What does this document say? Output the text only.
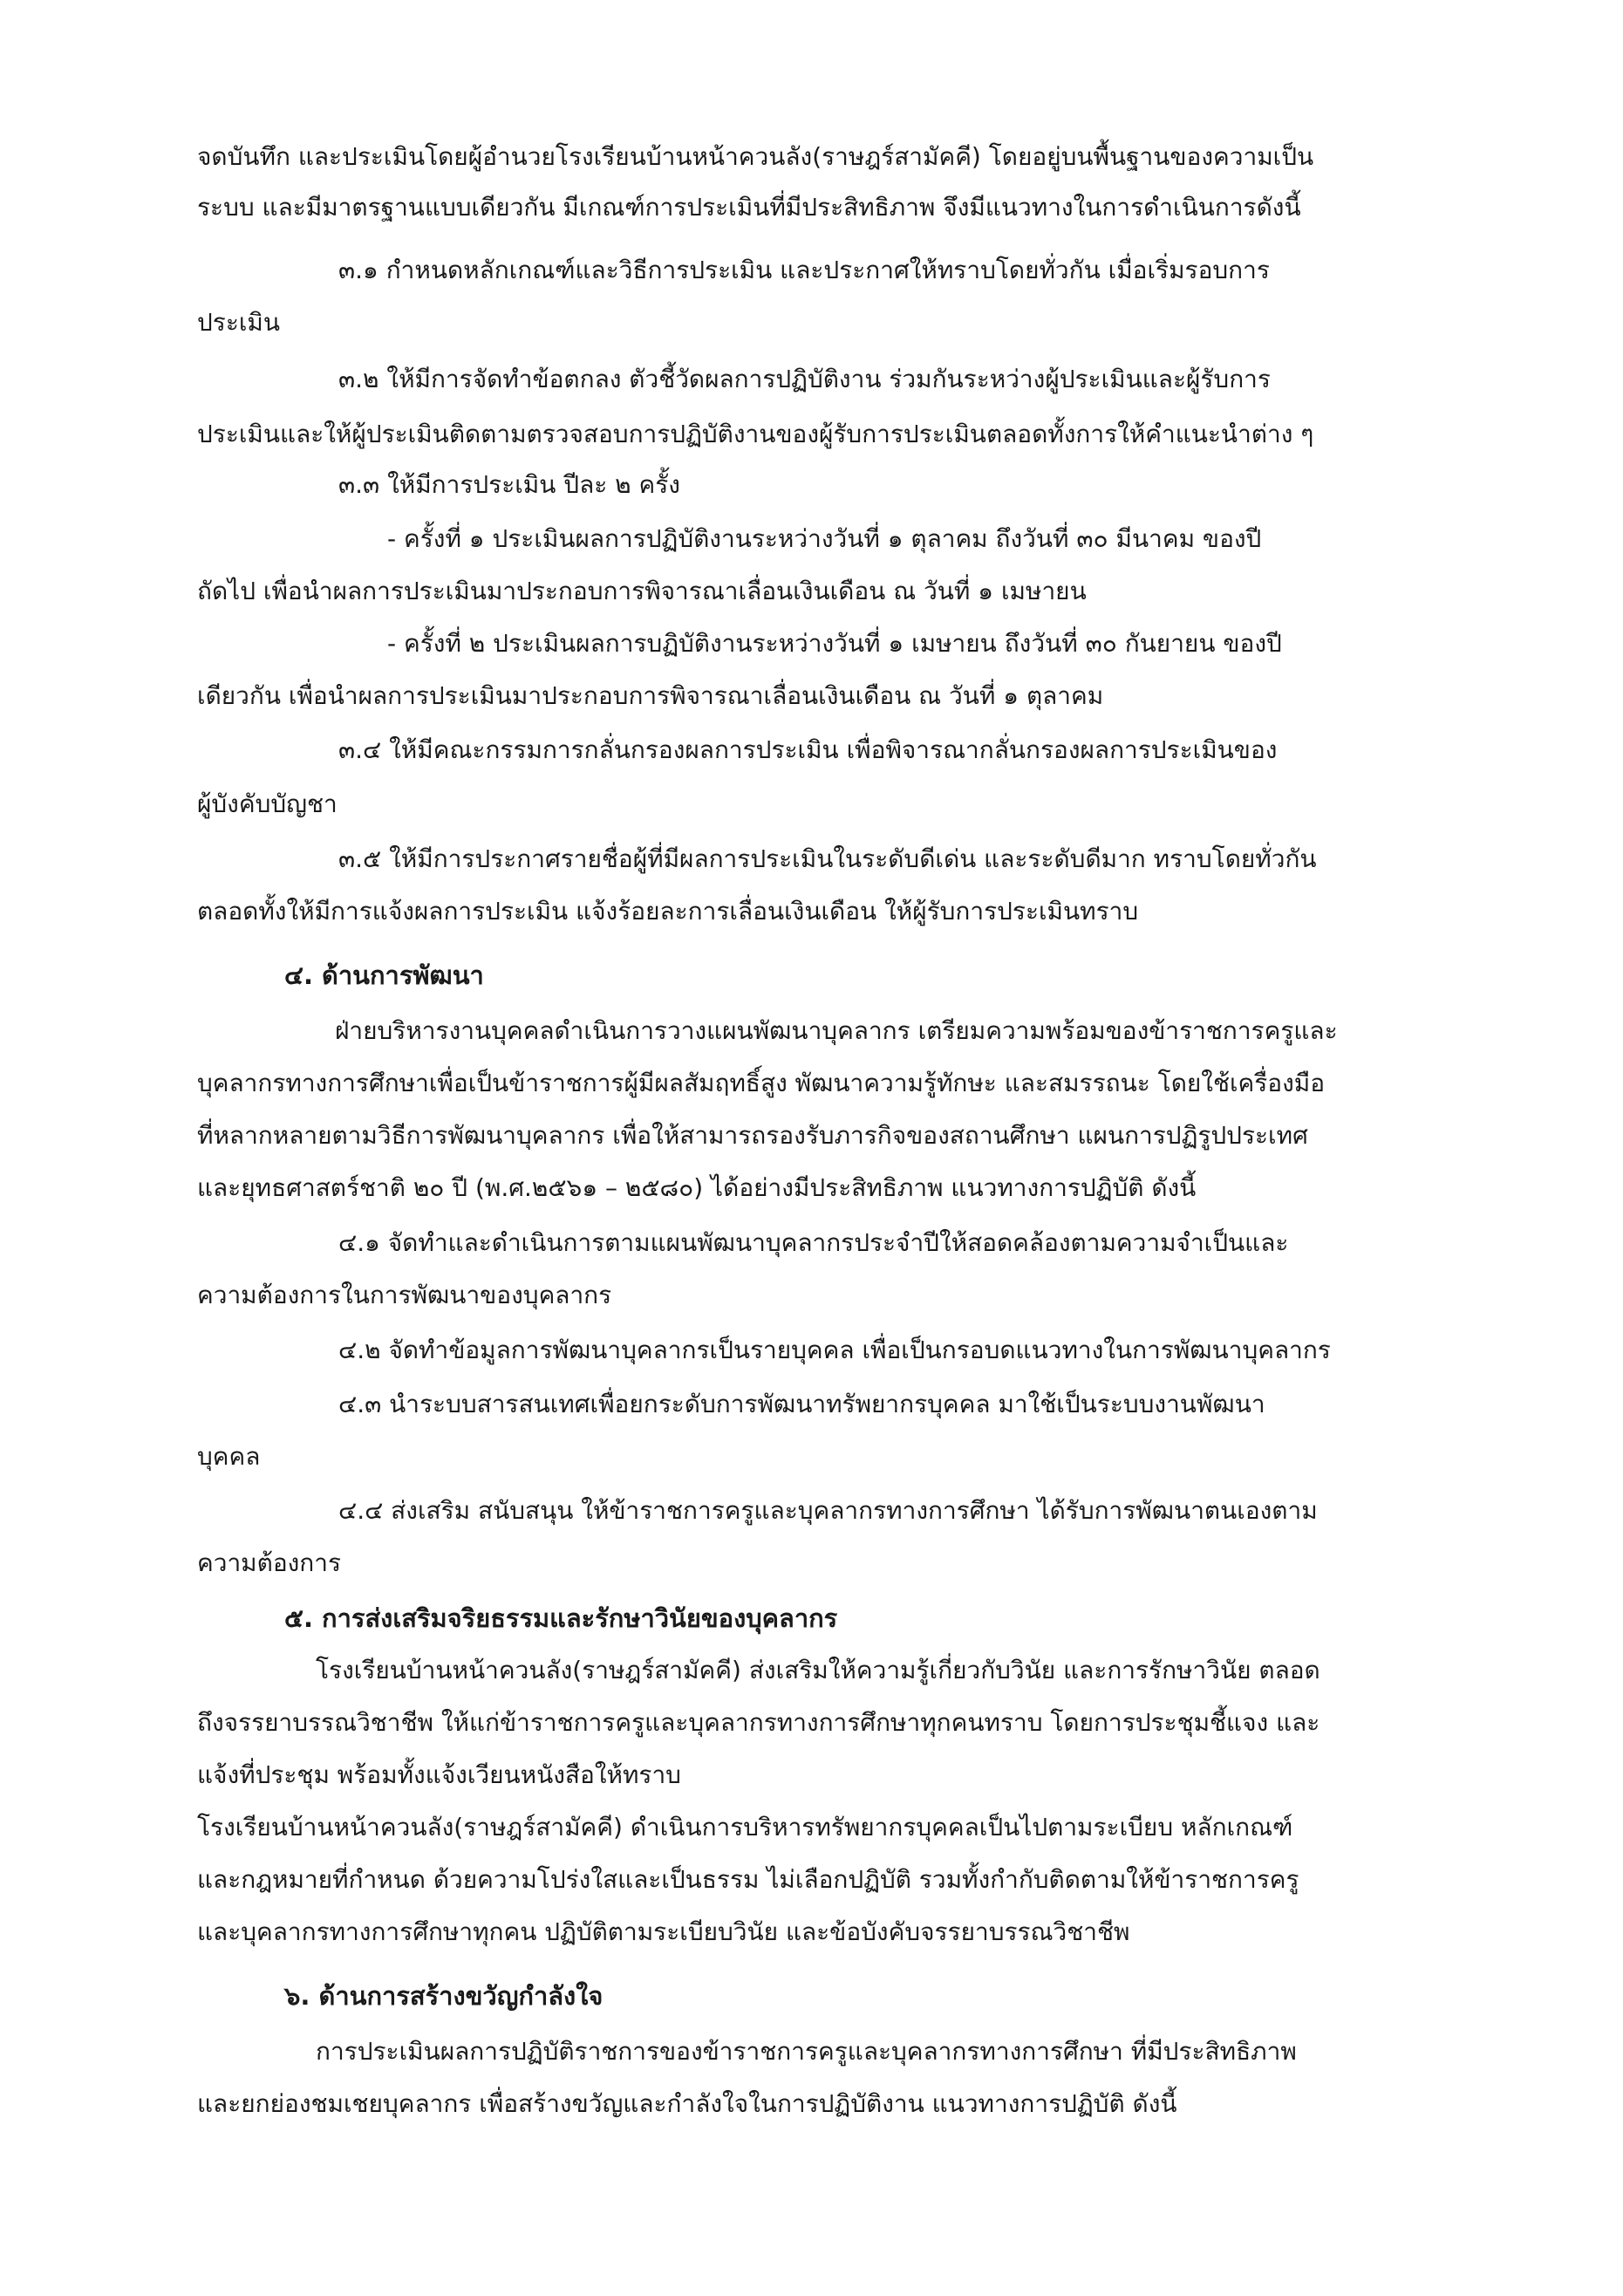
จดบันทึก และประเมินโดยผู้อำนวยโรงเรียนบ้านหน้าควนลัง(ราษฎร์สามัคคี) โดยอยู่บนพื้นฐานของความเป็น
ระบบ และมีมาตรฐานแบบเดียวกัน มีเกณฑ์การประเมินที่มีประสิทธิภาพ จึงมีแนวทางในการดำเนินการดังนี้
๓.๑ กำหนดหลักเกณฑ์และวิธีการประเมิน และประกาศให้ทราบโดยทั่วกัน เมื่อเริ่มรอบการ
ประเมิน
๓.๒ ให้มีการจัดทำข้อตกลง ตัวชี้วัดผลการปฏิบัติงาน ร่วมกันระหว่างผู้ประเมินและผู้รับการ
ประเมินและให้ผู้ประเมินติดตามตรวจสอบการปฏิบัติงานของผู้รับการประเมินตลอดทั้งการให้คำแนะนำต่าง ๆ
๓.๓ ให้มีการประเมิน ปีละ ๒ ครั้ง
- ครั้งที่ ๑ ประเมินผลการปฏิบัติงานระหว่างวันที่ ๑ ตุลาคม ถึงวันที่ ๓๐ มีนาคม ของปี
ถัดไป เพื่อนำผลการประเมินมาประกอบการพิจารณาเลื่อนเงินเดือน ณ วันที่ ๑ เมษายน
- ครั้งที่ ๒ ประเมินผลการบฏิบัติงานระหว่างวันที่ ๑ เมษายน ถึงวันที่ ๓๐ กันยายน ของปี
เดียวกัน เพื่อนำผลการประเมินมาประกอบการพิจารณาเลื่อนเงินเดือน ณ วันที่ ๑ ตุลาคม
๓.๔ ให้มีคณะกรรมการกลั่นกรองผลการประเมิน เพื่อพิจารณากลั่นกรองผลการประเมินของ
ผู้บังคับบัญชา
๓.๕ ให้มีการประกาศรายชื่อผู้ที่มีผลการประเมินในระดับดีเด่น และระดับดีมาก ทราบโดยทั่วกัน
ตลอดทั้งให้มีการแจ้งผลการประเมิน แจ้งร้อยละการเลื่อนเงินเดือน ให้ผู้รับการประเมินทราบ
๔. ด้านการพัฒนา
ฝ่ายบริหารงานบุคคลดำเนินการวางแผนพัฒนาบุคลากร เตรียมความพร้อมของข้าราชการครูและ
บุคลากรทางการศึกษาเพื่อเป็นข้าราชการผู้มีผลสัมฤทธิ์สูง พัฒนาความรู้ทักษะ และสมรรถนะ โดยใช้เครื่องมือ
ที่หลากหลายตามวิธีการพัฒนาบุคลากร เพื่อให้สามารถรองรับภารกิจของสถานศึกษา แผนการปฏิรูปประเทศ
และยุทธศาสตร์ชาติ ๒๐ ปี (พ.ศ.๒๕๖๑ – ๒๕๘๐) ได้อย่างมีประสิทธิภาพ แนวทางการปฏิบัติ ดังนี้
๔.๑ จัดทำและดำเนินการตามแผนพัฒนาบุคลากรประจำปีให้สอดคล้องตามความจำเป็นและ
ความต้องการในการพัฒนาของบุคลากร
๔.๒ จัดทำข้อมูลการพัฒนาบุคลากรเป็นรายบุคคล เพื่อเป็นกรอบดแนวทางในการพัฒนาบุคลากร
๔.๓ นำระบบสารสนเทศเพื่อยกระดับการพัฒนาทรัพยากรบุคคล มาใช้เป็นระบบงานพัฒนา
บุคคล
๔.๔ ส่งเสริม สนับสนุน ให้ข้าราชการครูและบุคลากรทางการศึกษา ได้รับการพัฒนาตนเองตาม
ความต้องการ
๕. การส่งเสริมจริยธรรมและรักษาวินัยของบุคลากร
โรงเรียนบ้านหน้าควนลัง(ราษฎร์สามัคคี) ส่งเสริมให้ความรู้เกี่ยวกับวินัย และการรักษาวินัย ตลอด
ถึงจรรยาบรรณวิชาชีพ ให้แก่ข้าราชการครูและบุคลากรทางการศึกษาทุกคนทราบ โดยการประชุมชี้แจง และ
แจ้งที่ประชุม พร้อมทั้งแจ้งเวียนหนังสือให้ทราบ
โรงเรียนบ้านหน้าควนลัง(ราษฎร์สามัคคี) ดำเนินการบริหารทรัพยากรบุคคลเป็นไปตามระเบียบ หลักเกณฑ์
และกฎหมายที่กำหนด ด้วยความโปร่งใสและเป็นธรรม ไม่เลือกปฏิบัติ รวมทั้งกำกับติดตามให้ข้าราชการครู
และบุคลากรทางการศึกษาทุกคน ปฏิบัติตามระเบียบวินัย และข้อบังคับจรรยาบรรณวิชาชีพ
๖. ด้านการสร้างขวัญกำลังใจ
การประเมินผลการปฏิบัติราชการของข้าราชการครูและบุคลากรทางการศึกษา ที่มีประสิทธิภาพ
และยกย่องชมเชยบุคลากร เพื่อสร้างขวัญและกำลังใจในการปฏิบัติงาน แนวทางการปฏิบัติ ดังนี้
